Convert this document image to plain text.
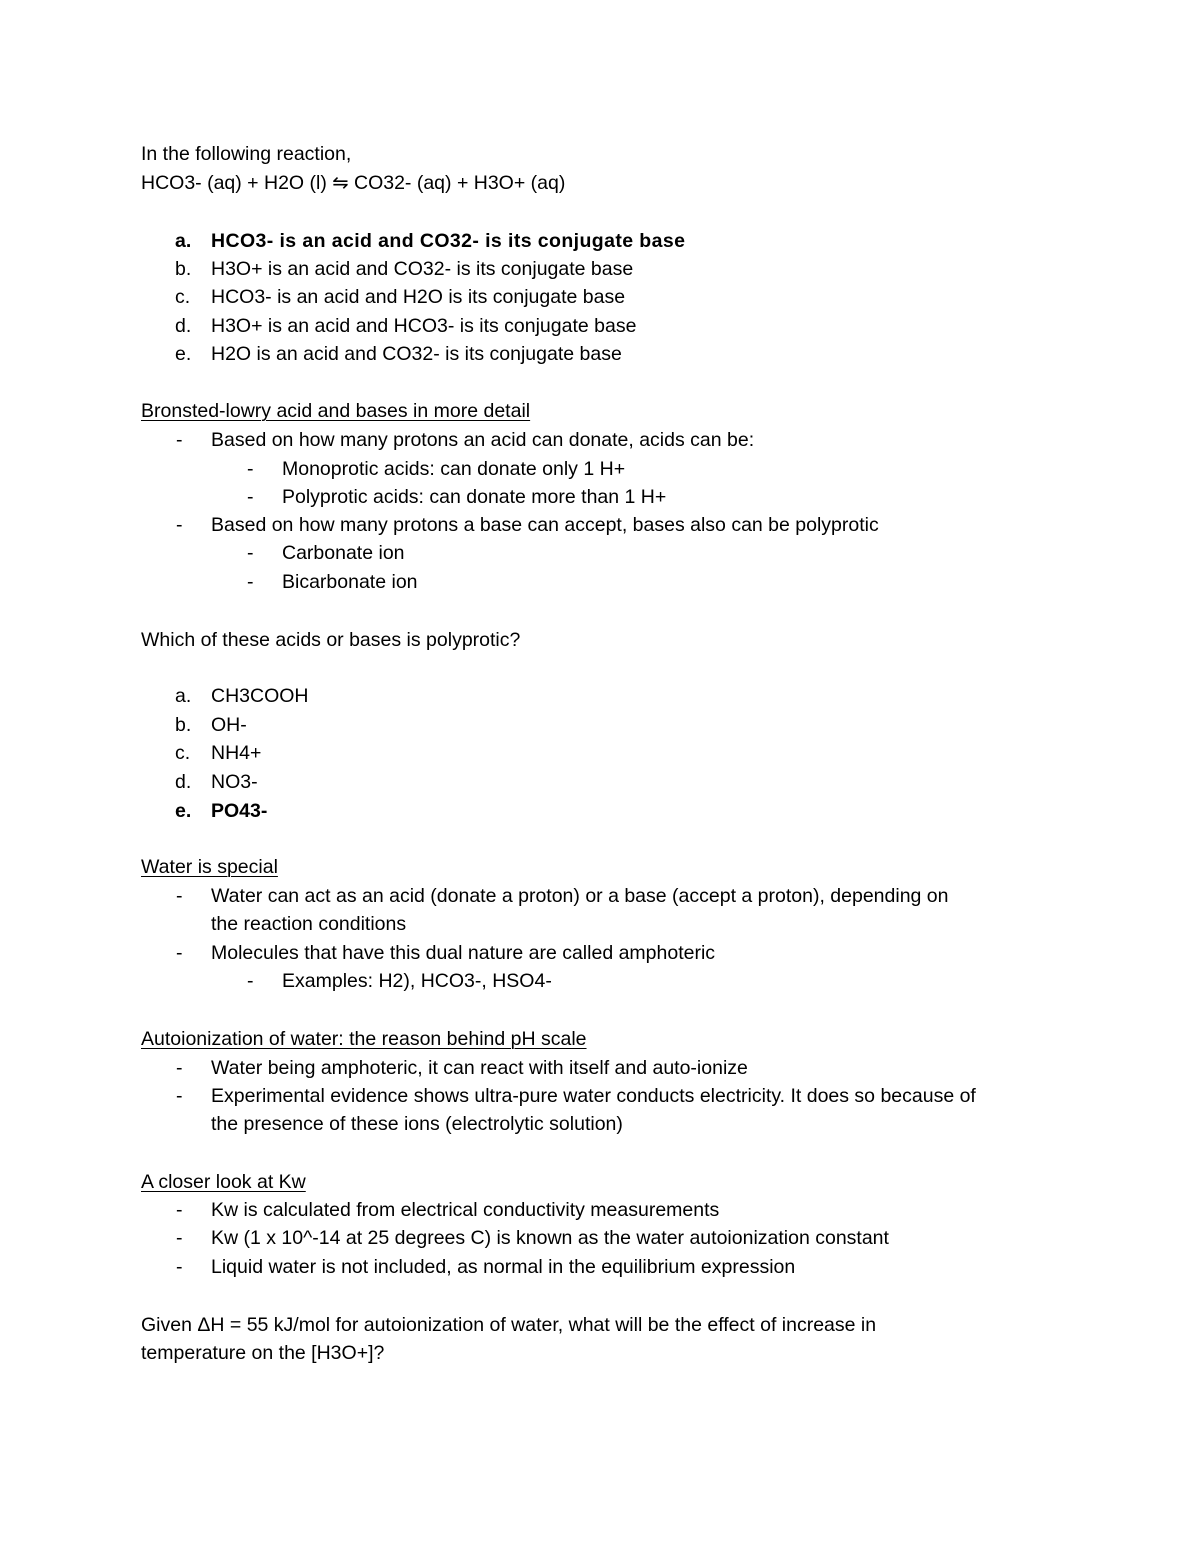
In the following reaction,
HCO3- (aq) + H2O (l) ⇋ CO32- (aq) + H3O+ (aq)
a.	HCO3- is an acid and CO32- is its conjugate base
b.	H3O+ is an acid and CO32- is its conjugate base
c.	HCO3- is an acid and H2O is its conjugate base
d.	H3O+ is an acid and HCO3- is its conjugate base
e.	H2O is an acid and CO32- is its conjugate base
Bronsted-lowry acid and bases in more detail
- Based on how many protons an acid can donate, acids can be:
- Monoprotic acids: can donate only 1 H+
- Polyprotic acids: can donate more than 1 H+
- Based on how many protons a base can accept, bases also can be polyprotic
- Carbonate ion
- Bicarbonate ion
Which of these acids or bases is polyprotic?
a.	CH3COOH
b.	OH-
c.	NH4+
d.	NO3-
e.	PO43-
Water is special
- Water can act as an acid (donate a proton) or a base (accept a proton), depending on
the reaction conditions
- Molecules that have this dual nature are called amphoteric
- Examples: H2), HCO3-, HSO4-
Autoionization of water: the reason behind pH scale
- Water being amphoteric, it can react with itself and auto-ionize
- Experimental evidence shows ultra-pure water conducts electricity. It does so because of
the presence of these ions (electrolytic solution)
A closer look at Kw
- Kw is calculated from electrical conductivity measurements
- Kw (1 x 10^-14 at 25 degrees C) is known as the water autoionization constant
- Liquid water is not included, as normal in the equilibrium expression
Given ΔH = 55 kJ/mol for autoionization of water, what will be the effect of increase in
temperature on the [H3O+]?
